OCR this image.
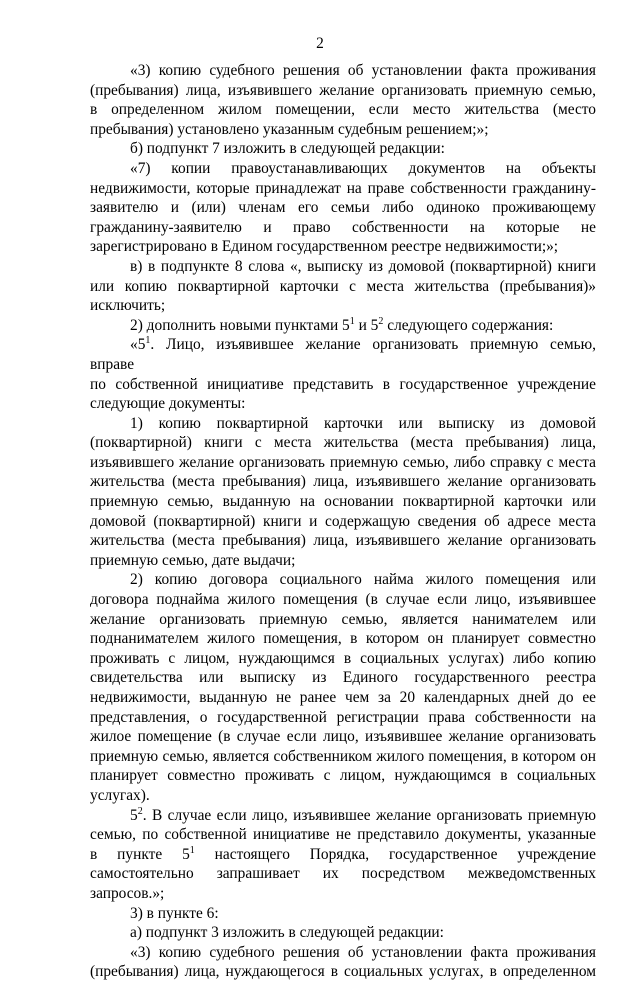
2
«3) копию судебного решения об установлении факта проживания
(пребывания) лица, изъявившего желание организовать приемную семью,
в определенном жилом помещении, если место жительства (место
пребывания) установлено указанным судебным решением;»;
б) подпункт 7 изложить в следующей редакции:
«7) копии правоустанавливающих документов на объекты
недвижимости, которые принадлежат на праве собственности гражданину-
заявителю и (или) членам его семьи либо одиноко проживающему
гражданину-заявителю и право собственности на которые не
зарегистрировано в Едином государственном реестре недвижимости;»;
в) в подпункте 8 слова «, выписку из домовой (поквартирной) книги
или копию поквартирной карточки с места жительства (пребывания)»
исключить;
2) дополнить новыми пунктами $5^1$ и $5^2$ следующего содержания:
«$5^1$. Лицо, изъявившее желание организовать приемную семью, вправе
по собственной инициативе представить в государственное учреждение
следующие документы:
1) копию поквартирной карточки или выписку из домовой
(поквартирной) книги с места жительства (места пребывания) лица,
изъявившего желание организовать приемную семью, либо справку с места
жительства (места пребывания) лица, изъявившего желание организовать
приемную семью, выданную на основании поквартирной карточки или
домовой (поквартирной) книги и содержащую сведения об адресе места
жительства (места пребывания) лица, изъявившего желание организовать
приемную семью, дате выдачи;
2) копию договора социального найма жилого помещения или
договора поднайма жилого помещения (в случае если лицо, изъявившее
желание организовать приемную семью, является нанимателем или
поднанимателем жилого помещения, в котором он планирует совместно
проживать с лицом, нуждающимся в социальных услугах) либо копию
свидетельства или выписку из Единого государственного реестра
недвижимости, выданную не ранее чем за 20 календарных дней до ее
представления, о государственной регистрации права собственности на
жилое помещение (в случае если лицо, изъявившее желание организовать
приемную семью, является собственником жилого помещения, в котором он
планирует совместно проживать с лицом, нуждающимся в социальных
услугах).
$5^2$. В случае если лицо, изъявившее желание организовать приемную
семью, по собственной инициативе не представило документы, указанные
в пункте $5^1$ настоящего Порядка, государственное учреждение
самостоятельно запрашивает их посредством межведомственных запросов.»;
3) в пункте 6:
а) подпункт 3 изложить в следующей редакции:
«3) копию судебного решения об установлении факта проживания
(пребывания) лица, нуждающегося в социальных услугах, в определенном
